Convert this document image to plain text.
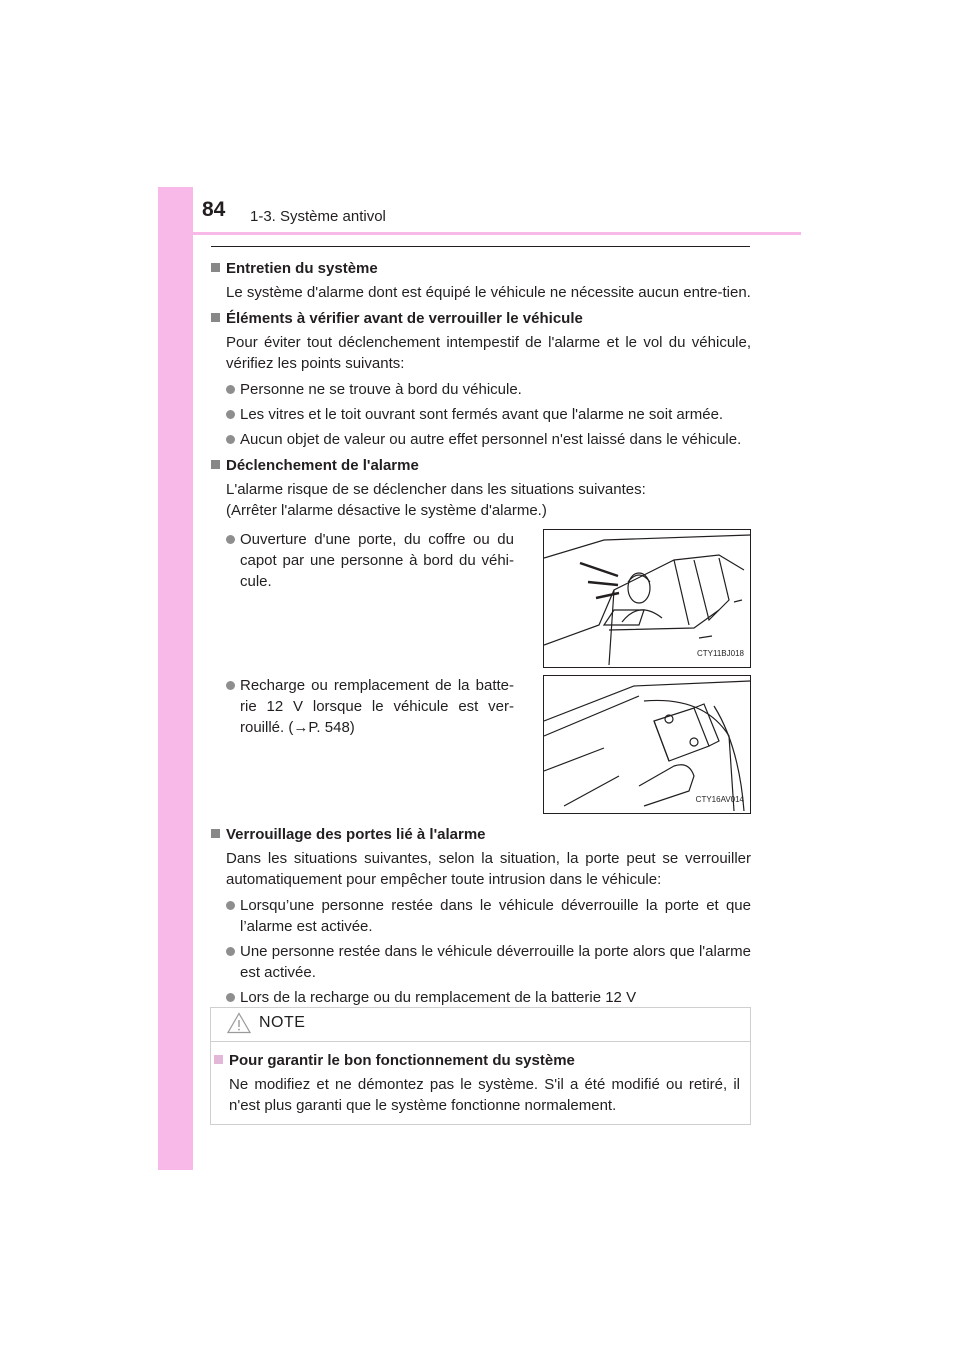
84 1-3. Système antivol
Entretien du système

Le système d'alarme dont est équipé le véhicule ne nécessite aucun entre-tien.

Éléments à vérifier avant de verrouiller le véhicule

Pour éviter tout déclenchement intempestif de l'alarme et le vol du véhicule, vérifiez les points suivants:

Personne ne se trouve à bord du véhicule.
Les vitres et le toit ouvrant sont fermés avant que l'alarme ne soit armée.
Aucun objet de valeur ou autre effet personnel n'est laissé dans le véhicule.
Déclenchement de l'alarme

L'alarme risque de se déclencher dans les situations suivantes:

(Arrêter l'alarme désactive le système d'alarme.)

Ouverture d'une porte, du coffre ou du capot par une personne à bord du véhi-cule.
CTY11BJ018
Recharge ou remplacement de la batte-rie 12 V lorsque le véhicule est ver-rouillé. (→P. 548)
CTY16AV014
Verrouillage des portes lié à l'alarme

Dans les situations suivantes, selon la situation, la porte peut se verrouiller automatiquement pour empêcher toute intrusion dans le véhicule:

Lorsqu’une personne restée dans le véhicule déverrouille la porte et que l’alarme est activée.
Une personne restée dans le véhicule déverrouille la porte alors que l'alarme est activée.
Lors de la recharge ou du remplacement de la batterie 12 V
NOTE
Pour garantir le bon fonctionnement du système

Ne modifiez et ne démontez pas le système. S'il a été modifié ou retiré, il n'est plus garanti que le système fonctionne normalement.
